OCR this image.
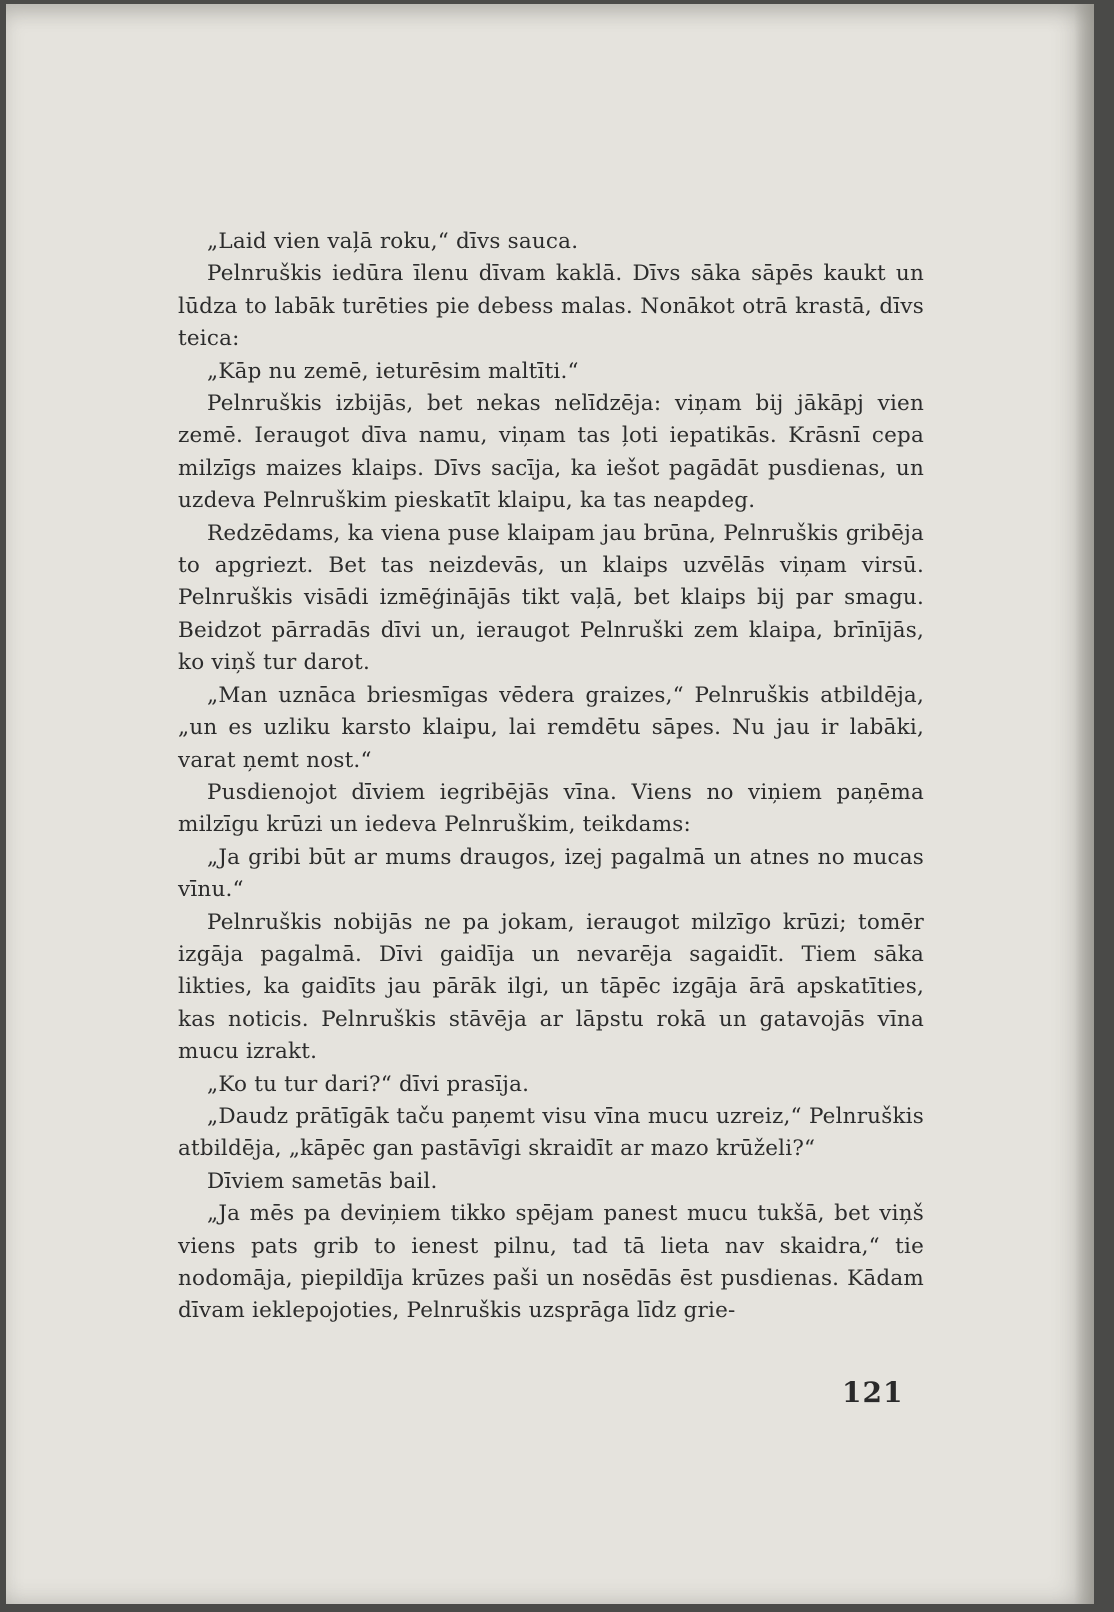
„Laid vien vaļā roku,“ dīvs sauca.

Pelnruškis iedūra īlenu dīvam kaklā. Dīvs sāka sāpēs kaukt un lūdza to labāk turēties pie debess malas. Nonākot otrā krastā, dīvs teica:

„Kāp nu zemē, ieturēsim maltīti.“

Pelnruškis izbijās, bet nekas nelīdzēja: viņam bij jākāpj vien zemē. Ieraugot dīva namu, viņam tas ļoti iepatikās. Krāsnī cepa milzīgs maizes klaips. Dīvs sacīja, ka iešot pagādāt pusdienas, un uzdeva Pelnruškim pieskatīt klaipu, ka tas neapdeg.

Redzēdams, ka viena puse klaipam jau brūna, Pelnruškis gribēja to apgriezt. Bet tas neizdevās, un klaips uzvēlās viņam virsū. Pelnruškis visādi izmēģinājās tikt vaļā, bet klaips bij par smagu. Beidzot pārradās dīvi un, ieraugot Pelnruški zem klaipa, brīnījās, ko viņš tur darot.

„Man uznāca briesmīgas vēdera graizes,“ Pelnruškis atbildēja, „un es uzliku karsto klaipu, lai remdētu sāpes. Nu jau ir labāki, varat ņemt nost.“

Pusdienojot dīviem iegribējās vīna. Viens no viņiem paņēma milzīgu krūzi un iedeva Pelnruškim, teikdams:

„Ja gribi būt ar mums draugos, izej pagalmā un atnes no mucas vīnu.“

Pelnruškis nobijās ne pa jokam, ieraugot milzīgo krūzi; tomēr izgāja pagalmā. Dīvi gaidīja un nevarēja sagaidīt. Tiem sāka likties, ka gaidīts jau pārāk ilgi, un tāpēc izgāja ārā apskatīties, kas noticis. Pelnruškis stāvēja ar lāpstu rokā un gatavojās vīna mucu izrakt.

„Ko tu tur dari?“ dīvi prasīja.

„Daudz prātīgāk taču paņemt visu vīna mucu uzreiz,“ Pelnruškis atbildēja, „kāpēc gan pastāvīgi skraidīt ar mazo krūželi?“

Dīviem sametās bail.

„Ja mēs pa deviņiem tikko spējam panest mucu tukšā, bet viņš viens pats grib to ienest pilnu, tad tā lieta nav skaidra,“ tie nodomāja, piepildīja krūzes paši un nosēdās ēst pusdienas. Kādam dīvam ieklepojoties, Pelnruškis uzsprāga līdz grie-

121
